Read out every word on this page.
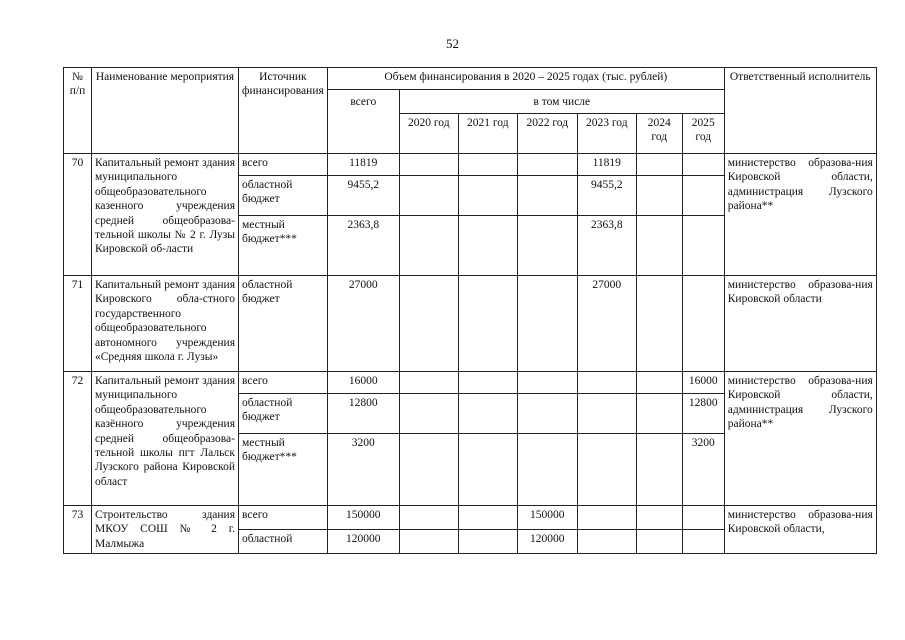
52
№ п/п	Наименование мероприятия	Источник финансирования	Объем финансирования в 2020 – 2025 годах (тыс. рублей)							Ответственный исполнитель
			всего	в том числе						
				2020 год	2021 год	2022 год	2023 год	2024 год	2025 год	
70	Капитальный ремонт здания муниципального общеобразовательного казенного учреждения средней общеобразова-тельной школы № 2 г. Лузы Кировской об-ласти	всего	11819				11819			министерство образова-ния Кировской области, администрация Лузского района**
		областной бюджет	9455,2				9455,2			
		местный бюджет***	2363,8				2363,8			
71	Капитальный ремонт здания Кировского обла-стного государственного общеобразовательного автономного учреждения «Средняя школа г. Лузы»	областной бюджет	27000				27000			министерство образова-ния Кировской области
72	Капитальный ремонт здания муниципального общеобразовательного казённого учреждения средней общеобразова-тельной школы пгт Лальск Лузского района Кировской област	всего	16000						16000	министерство образова-ния Кировской области, администрация Лузского района**
		областной бюджет	12800						12800	
		местный бюджет***	3200						3200	
73	Строительство здания МКОУ СОШ № 2 г. Малмыжа	всего	150000			150000				министерство образова-ния Кировской области,
		областной	120000			120000				
